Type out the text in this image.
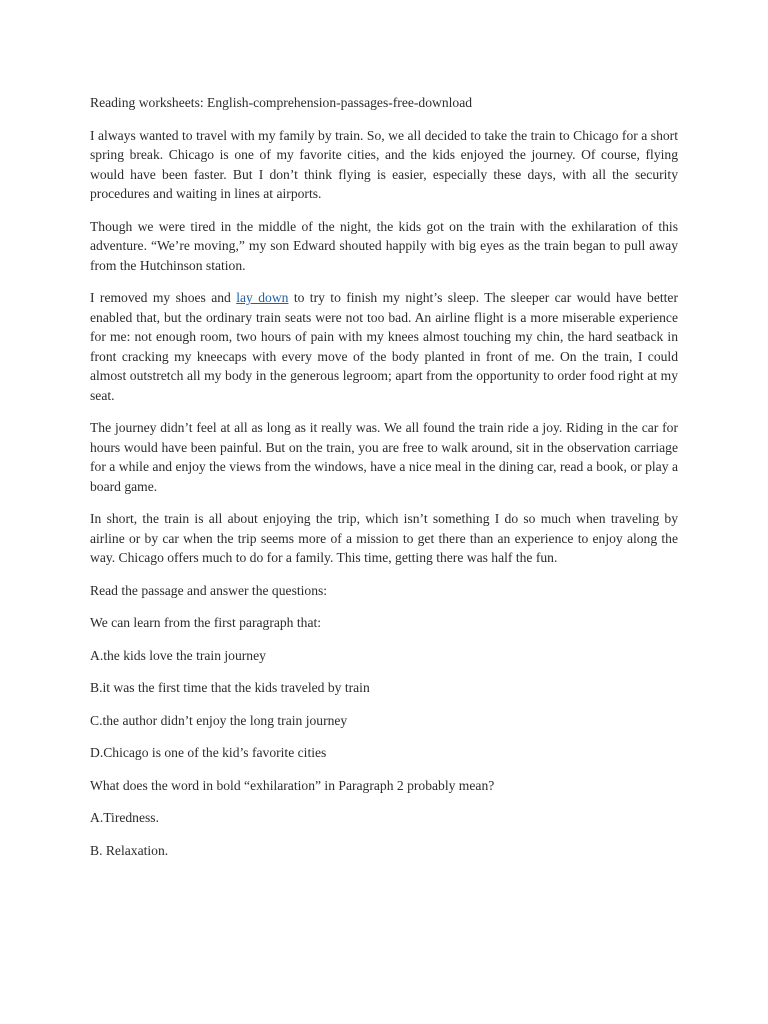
Reading worksheets: English-comprehension-passages-free-download

I always wanted to travel with my family by train. So, we all decided to take the train to Chicago for a short spring break. Chicago is one of my favorite cities, and the kids enjoyed the journey. Of course, flying would have been faster. But I don’t think flying is easier, especially these days, with all the security procedures and waiting in lines at airports.

Though we were tired in the middle of the night, the kids got on the train with the exhilaration of this adventure. “We’re moving,” my son Edward shouted happily with big eyes as the train began to pull away from the Hutchinson station.

I removed my shoes and lay down to try to finish my night’s sleep. The sleeper car would have better enabled that, but the ordinary train seats were not too bad. An airline flight is a more miserable experience for me: not enough room, two hours of pain with my knees almost touching my chin, the hard seatback in front cracking my kneecaps with every move of the body planted in front of me. On the train, I could almost outstretch all my body in the generous legroom; apart from the opportunity to order food right at my seat.

The journey didn’t feel at all as long as it really was. We all found the train ride a joy. Riding in the car for hours would have been painful. But on the train, you are free to walk around, sit in the observation carriage for a while and enjoy the views from the windows, have a nice meal in the dining car, read a book, or play a board game.

In short, the train is all about enjoying the trip, which isn’t something I do so much when traveling by airline or by car when the trip seems more of a mission to get there than an experience to enjoy along the way. Chicago offers much to do for a family. This time, getting there was half the fun.

Read the passage and answer the questions:

We can learn from the first paragraph that:

A.the kids love the train journey

B.it was the first time that the kids traveled by train

C.the author didn’t enjoy the long train journey

D.Chicago is one of the kid’s favorite cities

What does the word in bold “exhilaration” in Paragraph 2 probably mean?

A.Tiredness.

B. Relaxation.
